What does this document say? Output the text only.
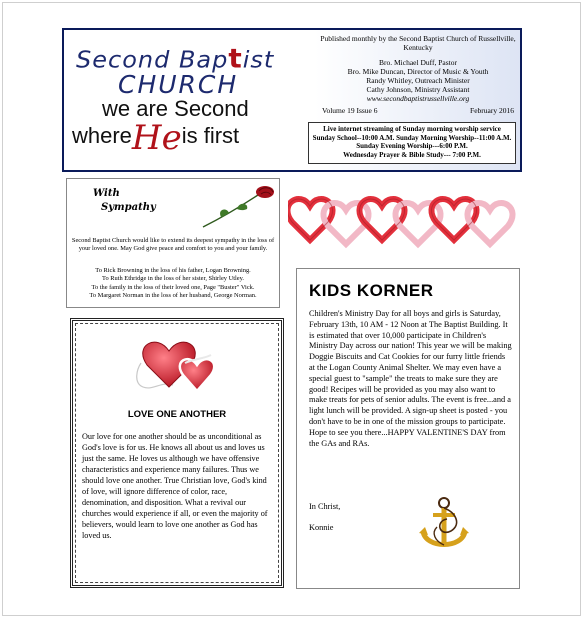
Second Baptist
CHURCH
we are Second
whereHeis first
Published monthly by the Second Baptist Church of Russellville, Kentucky
Bro. Michael Duff, Pastor
Bro. Mike Duncan, Director of Music & Youth
Randy Whitley, Outreach Minister
Cathy Johnson, Ministry Assistant
www.secondbaptistrussellville.org
Volume 19 Issue 6	February 2016
Live internet streaming of Sunday morning worship service
Sunday School--10:00 A.M. Sunday Morning Worship--11:00 A.M.
Sunday Evening Worship---6:00 P.M.
Wednesday Prayer & Bible Study--- 7:00 P.M.
With
Sympathy
Second Baptist Church would like to extend its deepest sympathy in the loss of your loved one. May God give peace and comfort to you and your family.
To Rick Browning in the loss of his father, Logan Browning.
To Ruth Ethridge in the loss of her sister, Shirley Utley.
To the family in the loss of their loved one, Page "Buster" Vick.
To Margaret Norman in the loss of her husband, George Norman.	KIDS KORNER
Children's Ministry Day for all boys and girls is Saturday, February 13th, 10 AM - 12 Noon at The Baptist Building. It is estimated that over 10,000 participate in Children's Ministry Day across our nation! This year we will be making Doggie Biscuits and Cat Cookies for our furry little friends at the Logan County Animal Shelter. We may even have a special guest to "sample" the treats to make sure they are good! Recipes will be provided as you may also want to make treats for pets of senior adults. The event is free...and a light lunch will be provided. A sign-up sheet is posted - you don't have to be in one of the mission groups to participate. Hope to see you there...HAPPY VALENTINE'S DAY from the GAs and RAs.
In Christ,
Konnie
LOVE ONE ANOTHER
Our love for one another should be as unconditional as God's love is for us. He knows all about us and loves us just the same. He loves us although we have offensive characteristics and experience many failures. Thus we should love one another. True Christian love, God's kind of love, will ignore difference of color, race, denomination, and disposition. What a revival our churches would experience if all, or even the majority of believers, would learn to love one another as God has loved us.
